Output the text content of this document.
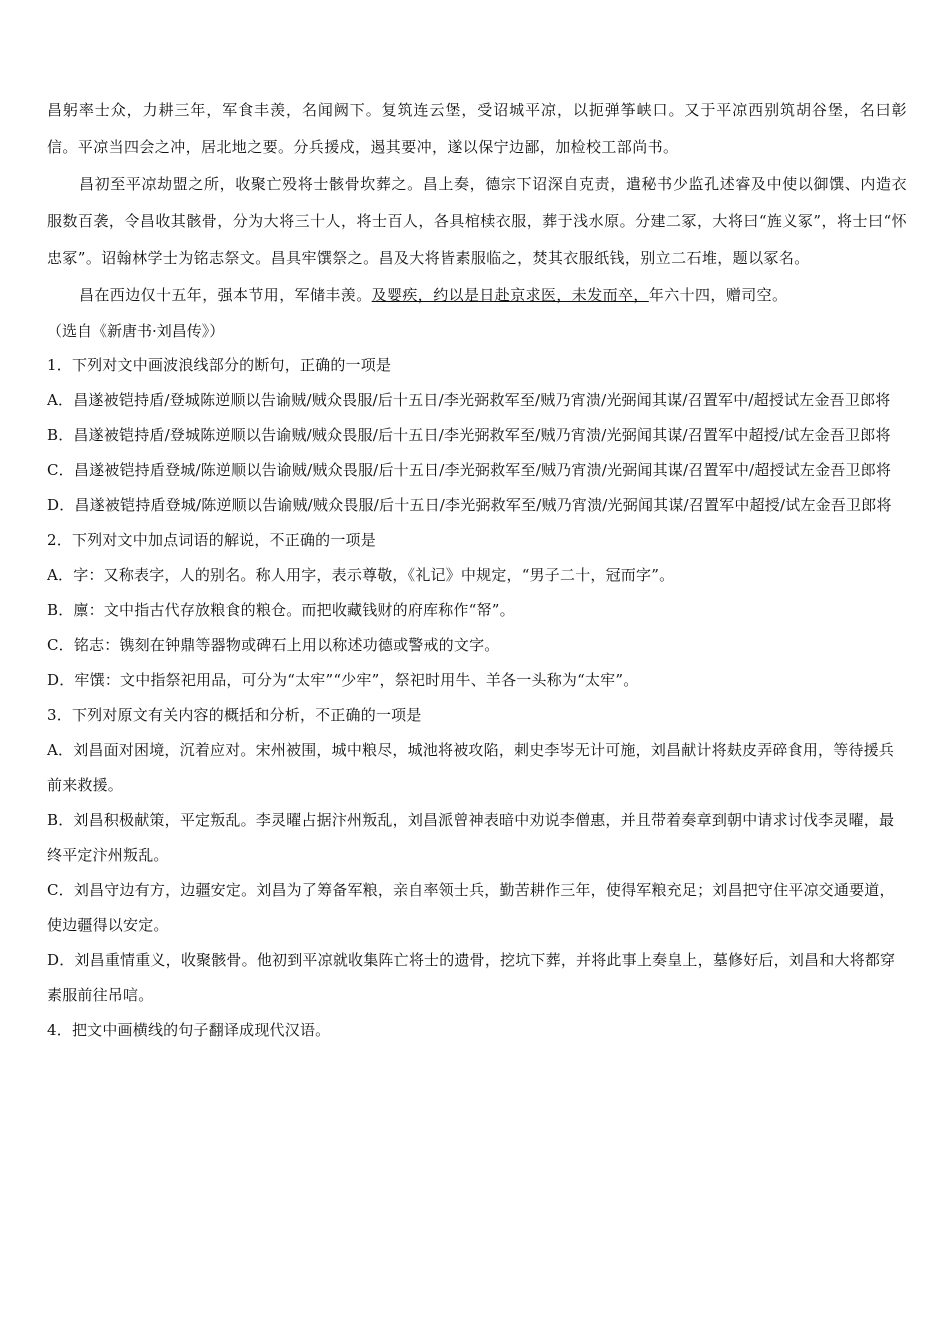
昌躬率士众，力耕三年，军食丰羡，名闻阙下。复筑连云堡，受诏城平凉，以扼弹筝峡口。又于平凉西别筑胡谷堡，名曰彰信。平凉当四会之冲，居北地之要。分兵援戍，遏其要冲，遂以保宁边鄙，加检校工部尚书。

昌初至平凉劫盟之所，收聚亡殁将士骸骨坎葬之。昌上奏，德宗下诏深自克责，遣秘书少监孔述睿及中使以御馔、内造衣服数百袭，令昌收其骸骨，分为大将三十人，将士百人，各具棺椟衣服，葬于浅水原。分建二冢，大将曰“旌义冢”，将士曰“怀忠冢”。诏翰林学士为铭志祭文。昌具牢馔祭之。昌及大将皆素服临之，焚其衣服纸钱，别立二石堆，题以冢名。

昌在西边仅十五年，强本节用，军储丰羡。及婴疾，约以是日赴京求医，未发而卒，年六十四，赠司空。

（选自《新唐书·刘昌传》）

1．下列对文中画波浪线部分的断句，正确的一项是

A．昌遂被铠持盾/登城陈逆顺以告谕贼/贼众畏服/后十五日/李光弼救军至/贼乃宵溃/光弼闻其谋/召置军中/超授试左金吾卫郎将

B．昌遂被铠持盾/登城陈逆顺以告谕贼/贼众畏服/后十五日/李光弼救军至/贼乃宵溃/光弼闻其谋/召置军中超授/试左金吾卫郎将

C．昌遂被铠持盾登城/陈逆顺以告谕贼/贼众畏服/后十五日/李光弼救军至/贼乃宵溃/光弼闻其谋/召置军中/超授试左金吾卫郎将

D．昌遂被铠持盾登城/陈逆顺以告谕贼/贼众畏服/后十五日/李光弼救军至/贼乃宵溃/光弼闻其谋/召置军中超授/试左金吾卫郎将

2．下列对文中加点词语的解说，不正确的一项是

A．字：又称表字，人的别名。称人用字，表示尊敬，《礼记》中规定，“男子二十，冠而字”。

B．廪：文中指古代存放粮食的粮仓。而把收藏钱财的府库称作“帑”。

C．铭志：镌刻在钟鼎等器物或碑石上用以称述功德或警戒的文字。

D．牢馔：文中指祭祀用品，可分为“太牢”“少牢”，祭祀时用牛、羊各一头称为“太牢”。

3．下列对原文有关内容的概括和分析，不正确的一项是

A．刘昌面对困境，沉着应对。宋州被围，城中粮尽，城池将被攻陷，刺史李岑无计可施，刘昌献计将麸皮弄碎食用，等待援兵前来救援。

B．刘昌积极献策，平定叛乱。李灵曜占据汴州叛乱，刘昌派曾神表暗中劝说李僧惠，并且带着奏章到朝中请求讨伐李灵曜，最终平定汴州叛乱。

C．刘昌守边有方，边疆安定。刘昌为了筹备军粮，亲自率领士兵，勤苦耕作三年，使得军粮充足；刘昌把守住平凉交通要道，使边疆得以安定。

D．刘昌重情重义，收聚骸骨。他初到平凉就收集阵亡将士的遗骨，挖坑下葬，并将此事上奏皇上，墓修好后，刘昌和大将都穿素服前往吊唁。

4．把文中画横线的句子翻译成现代汉语。
